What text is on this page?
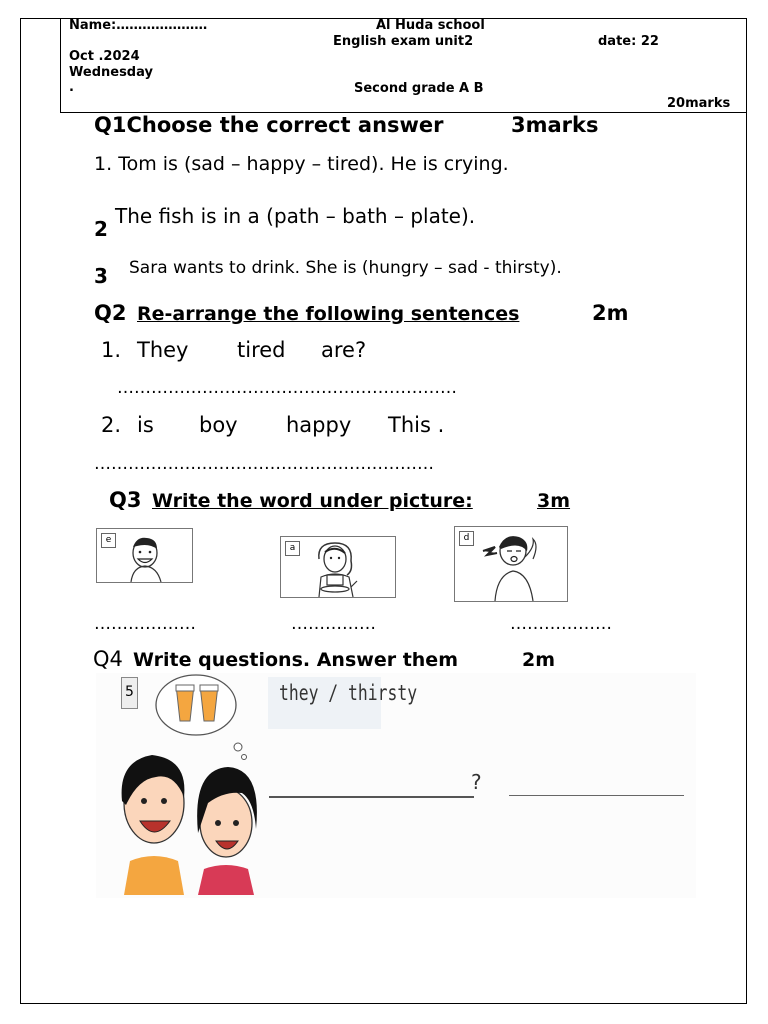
Name:…………………	Al Huda school
English exam unit2	date: 22
Oct .2024
Wednesday
.	Second grade A B
20marks
Q1Choose the correct answer	3marks
1. Tom is (sad – happy – tired). He is crying.
2
The fish is in a (path – bath – plate).
3 Sara wants to drink. She is (hungry – sad - thirsty).
Q2 Re-arrange the following sentences	2m
1. They tired are?
……………………………………………………
2. is boy happy This .
……………………………………………………
Q3 Write the word under picture:	3m
e
a
d
………………	……………	………………
Q4 Write questions. Answer them	2m
5	they / thirsty
?
